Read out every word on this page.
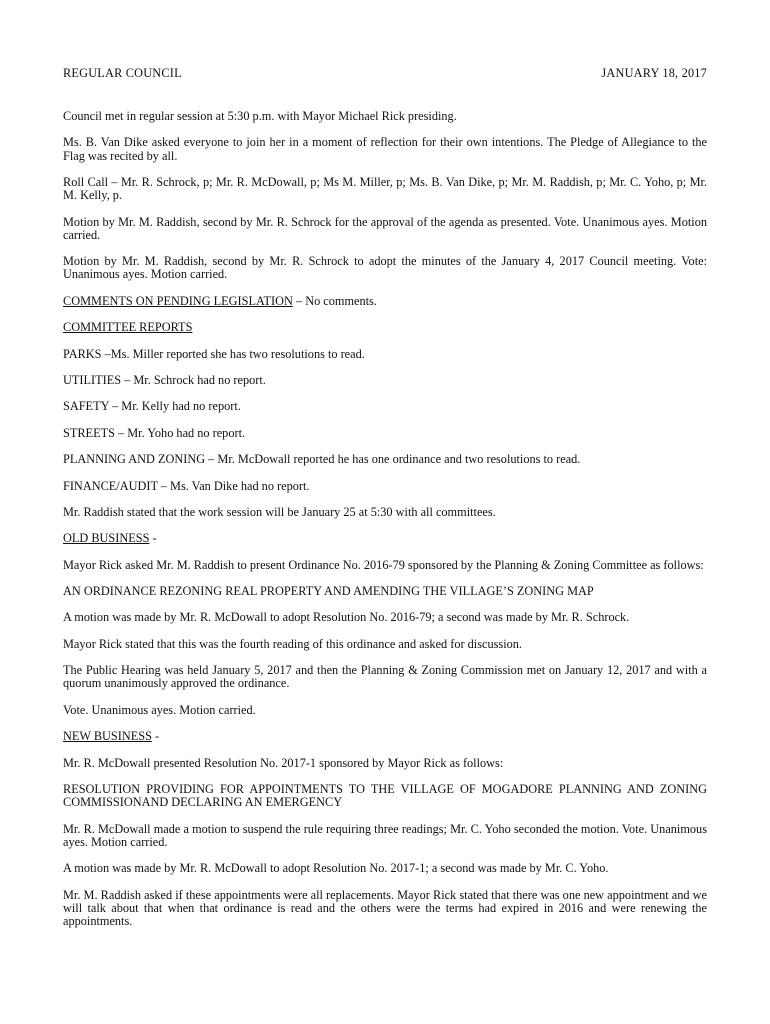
REGULAR COUNCIL	JANUARY 18, 2017

Council met in regular session at 5:30 p.m. with Mayor Michael Rick presiding.

Ms. B. Van Dike asked everyone to join her in a moment of reflection for their own intentions. The Pledge of Allegiance to the Flag was recited by all.

Roll Call – Mr. R. Schrock, p; Mr. R. McDowall, p; Ms M. Miller, p; Ms. B. Van Dike, p; Mr. M. Raddish, p; Mr. C. Yoho, p; Mr. M. Kelly, p.

Motion by Mr. M. Raddish, second by Mr. R. Schrock for the approval of the agenda as presented. Vote. Unanimous ayes. Motion carried.

Motion by Mr. M. Raddish, second by Mr. R. Schrock to adopt the minutes of the January 4, 2017 Council meeting. Vote: Unanimous ayes. Motion carried.

COMMENTS ON PENDING LEGISLATION – No comments.

COMMITTEE REPORTS

PARKS –Ms. Miller reported she has two resolutions to read.

UTILITIES – Mr. Schrock had no report.

SAFETY – Mr. Kelly had no report.

STREETS – Mr. Yoho had no report.

PLANNING AND ZONING – Mr. McDowall reported he has one ordinance and two resolutions to read.

FINANCE/AUDIT – Ms. Van Dike had no report.

Mr. Raddish stated that the work session will be January 25 at 5:30 with all committees.

OLD BUSINESS -

Mayor Rick asked Mr. M. Raddish to present Ordinance No. 2016-79 sponsored by the Planning & Zoning Committee as follows:

AN ORDINANCE REZONING REAL PROPERTY AND AMENDING THE VILLAGE’S ZONING MAP

A motion was made by Mr. R. McDowall to adopt Resolution No. 2016-79; a second was made by Mr. R. Schrock.

Mayor Rick stated that this was the fourth reading of this ordinance and asked for discussion.

The Public Hearing was held January 5, 2017 and then the Planning & Zoning Commission met on January 12, 2017 and with a quorum unanimously approved the ordinance.

Vote. Unanimous ayes. Motion carried.

NEW BUSINESS -

Mr. R. McDowall presented Resolution No. 2017-1 sponsored by Mayor Rick as follows:

RESOLUTION PROVIDING FOR APPOINTMENTS TO THE VILLAGE OF MOGADORE PLANNING AND ZONING COMMISSIONAND DECLARING AN EMERGENCY

Mr. R. McDowall made a motion to suspend the rule requiring three readings; Mr. C. Yoho seconded the motion. Vote. Unanimous ayes. Motion carried.

A motion was made by Mr. R. McDowall to adopt Resolution No. 2017-1; a second was made by Mr. C. Yoho.

Mr. M. Raddish asked if these appointments were all replacements. Mayor Rick stated that there was one new appointment and we will talk about that when that ordinance is read and the others were the terms had expired in 2016 and were renewing the appointments.
